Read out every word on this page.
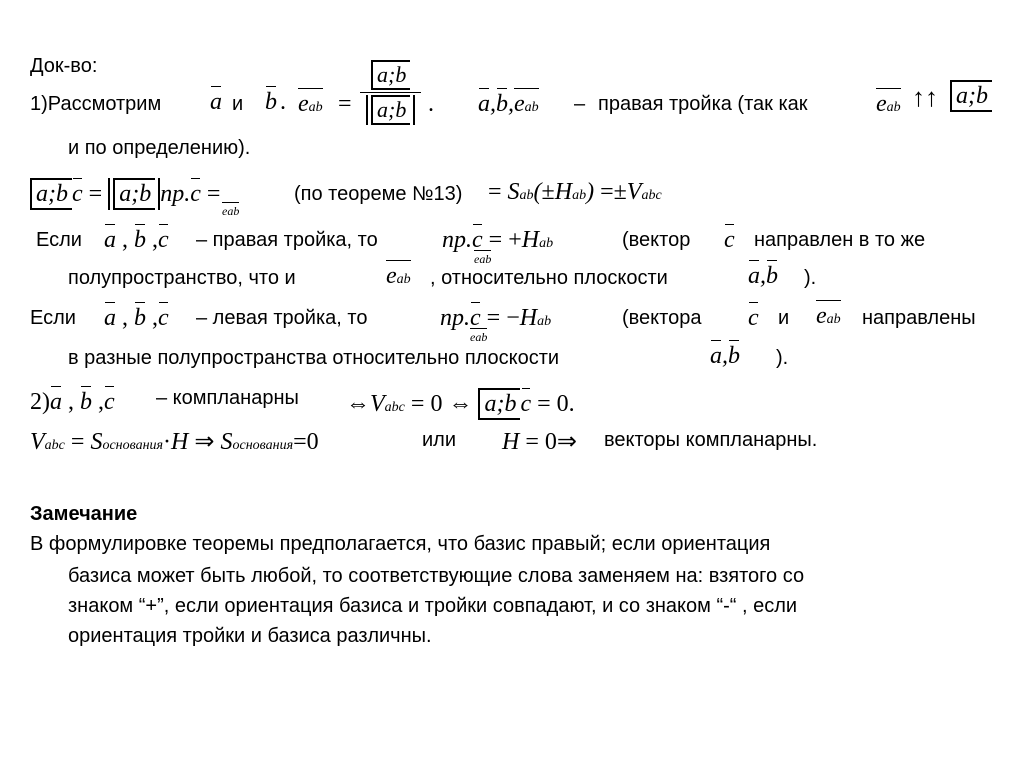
Док-во:
1)Рассмотрим a и b . eab =
a;b
a;b . a,b,eab – правая тройка (так как	eab ↑↑ a;b
и по определению).
a;b c = a;b np.c =
eab
(по теореме №13) = Sab(±Hab) =±Vabc
Если a , b ,c – правая тройка, то	np.c = +Hab
eab
(вектор c направлен в то же
полупространство, что и	eab , относительно плоскости	a,b ).
Если a , b ,c – левая тройка, то	np.c = −Hab
eab
(вектора c и eab направлены
в разные полупространства относительно плоскости	a,b ).
2)a , b ,c – компланарны ⇔Vabc = 0 ⇔ a;b c = 0.
Vabc = Sоснования·H ⇒ Sоснования=0	или H = 0⇒ векторы компланарны.
Замечание
В формулировке теоремы предполагается, что базис правый; если ориентация
базиса может быть любой, то соответствующие слова заменяем на: взятого со
знаком “+”, если ориентация базиса и тройки совпадают, и со знаком “-“ , если
ориентация тройки и базиса различны.
